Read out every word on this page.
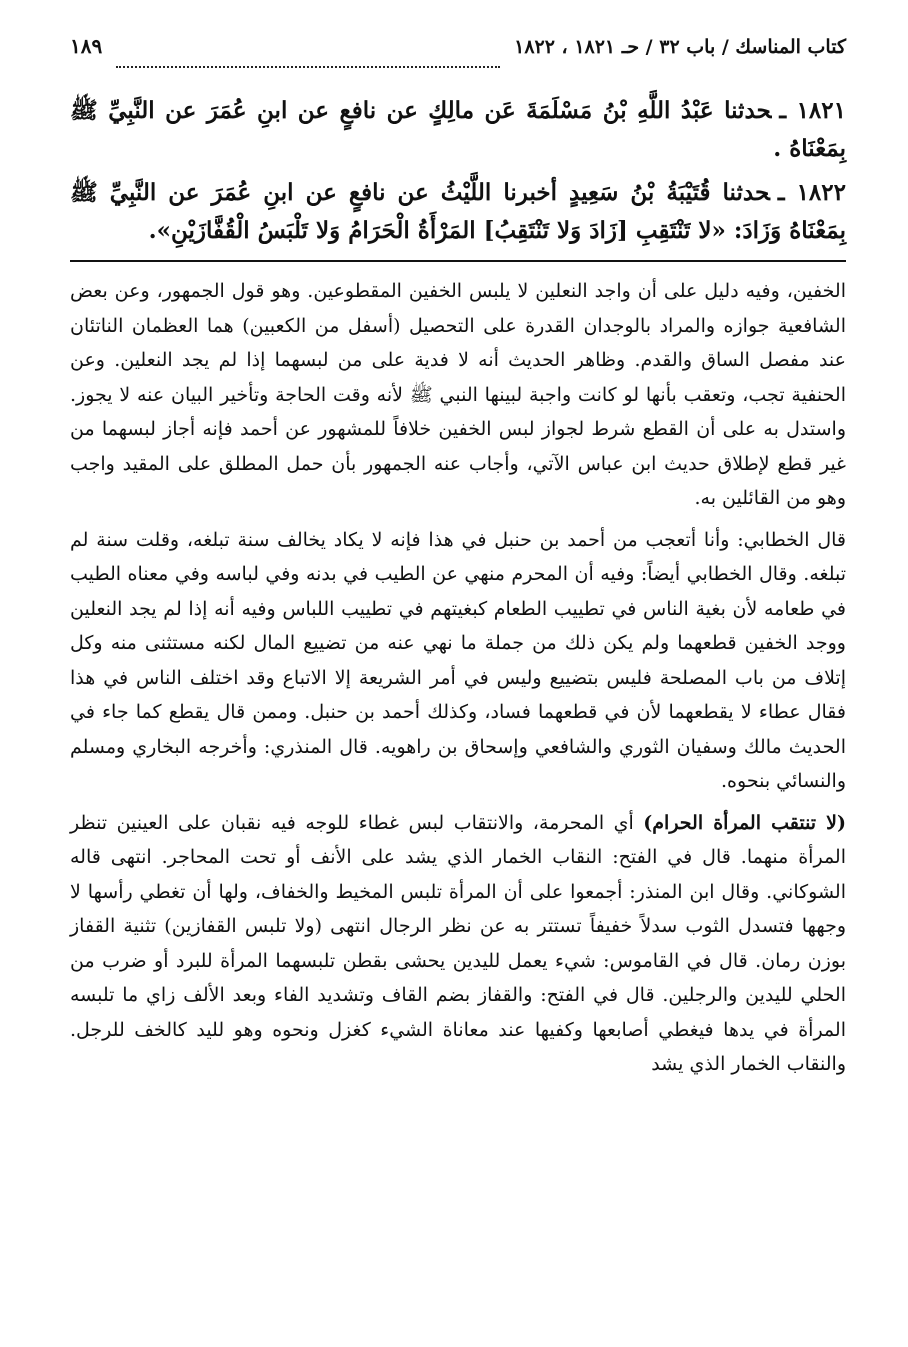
كتاب المناسك / باب ٣٢ / حـ ١٨٢١ ، ١٨٢٢
١٨٩
١٨٢١ ـحدثنا عَبْدُ اللَّهِ بْنُ مَسْلَمَةَ عَن مالِكٍ عن نافعٍ عن ابنِ عُمَرَ عن النَّبِيِّ ﷺ بِمَعْنَاهُ .
١٨٢٢ ـحدثنا قُتَيْبَةُ بْنُ سَعِيدٍ أخبرنا اللَّيْثُ عن نافعٍ عن ابنِ عُمَرَ عن النَّبِيِّ ﷺ بِمَعْنَاهُ وَزَادَ: «لا تَنْتَقِبِ [زَادَ وَلا تَنْتَقِبُ] المَرْأَةُ الْحَرَامُ وَلا تَلْبَسُ الْقُفَّازَيْنِ».

الخفين، وفيه دليل على أن واجد النعلين لا يلبس الخفين المقطوعين. وهو قول الجمهور، وعن بعض الشافعية جوازه والمراد بالوجدان القدرة على التحصيل (أسفل من الكعبين) هما العظمان الناتئان عند مفصل الساق والقدم. وظاهر الحديث أنه لا فدية على من لبسهما إذا لم يجد النعلين. وعن الحنفية تجب، وتعقب بأنها لو كانت واجبة لبينها النبي ﷺ لأنه وقت الحاجة وتأخير البيان عنه لا يجوز. واستدل به على أن القطع شرط لجواز لبس الخفين خلافاً للمشهور عن أحمد فإنه أجاز لبسهما من غير قطع لإطلاق حديث ابن عباس الآتي، وأجاب عنه الجمهور بأن حمل المطلق على المقيد واجب وهو من القائلين به.

قال الخطابي: وأنا أتعجب من أحمد بن حنبل في هذا فإنه لا يكاد يخالف سنة تبلغه، وقلت سنة لم تبلغه. وقال الخطابي أيضاً: وفيه أن المحرم منهي عن الطيب في بدنه وفي لباسه وفي معناه الطيب في طعامه لأن بغية الناس في تطييب الطعام كبغيتهم في تطييب اللباس وفيه أنه إذا لم يجد النعلين ووجد الخفين قطعهما ولم يكن ذلك من جملة ما نهي عنه من تضييع المال لكنه مستثنى منه وكل إتلاف من باب المصلحة فليس بتضييع وليس في أمر الشريعة إلا الاتباع وقد اختلف الناس في هذا فقال عطاء لا يقطعهما لأن في قطعهما فساد، وكذلك أحمد بن حنبل. وممن قال يقطع كما جاء في الحديث مالك وسفيان الثوري والشافعي وإسحاق بن راهويه. قال المنذري: وأخرجه البخاري ومسلم والنسائي بنحوه.

(لا تنتقب المرأة الحرام) أي المحرمة، والانتقاب لبس غطاء للوجه فيه نقبان على العينين تنظر المرأة منهما. قال في الفتح: النقاب الخمار الذي يشد على الأنف أو تحت المحاجر. انتهى قاله الشوكاني. وقال ابن المنذر: أجمعوا على أن المرأة تلبس المخيط والخفاف، ولها أن تغطي رأسها لا وجهها فتسدل الثوب سدلاً خفيفاً تستتر به عن نظر الرجال انتهى (ولا تلبس القفازين) تثنية القفاز بوزن رمان. قال في القاموس: شيء يعمل لليدين يحشى بقطن تلبسهما المرأة للبرد أو ضرب من الحلي لليدين والرجلين. قال في الفتح: والقفاز بضم القاف وتشديد الفاء وبعد الألف زاي ما تلبسه المرأة في يدها فيغطي أصابعها وكفيها عند معاناة الشيء كغزل ونحوه وهو لليد كالخف للرجل. والنقاب الخمار الذي يشد
